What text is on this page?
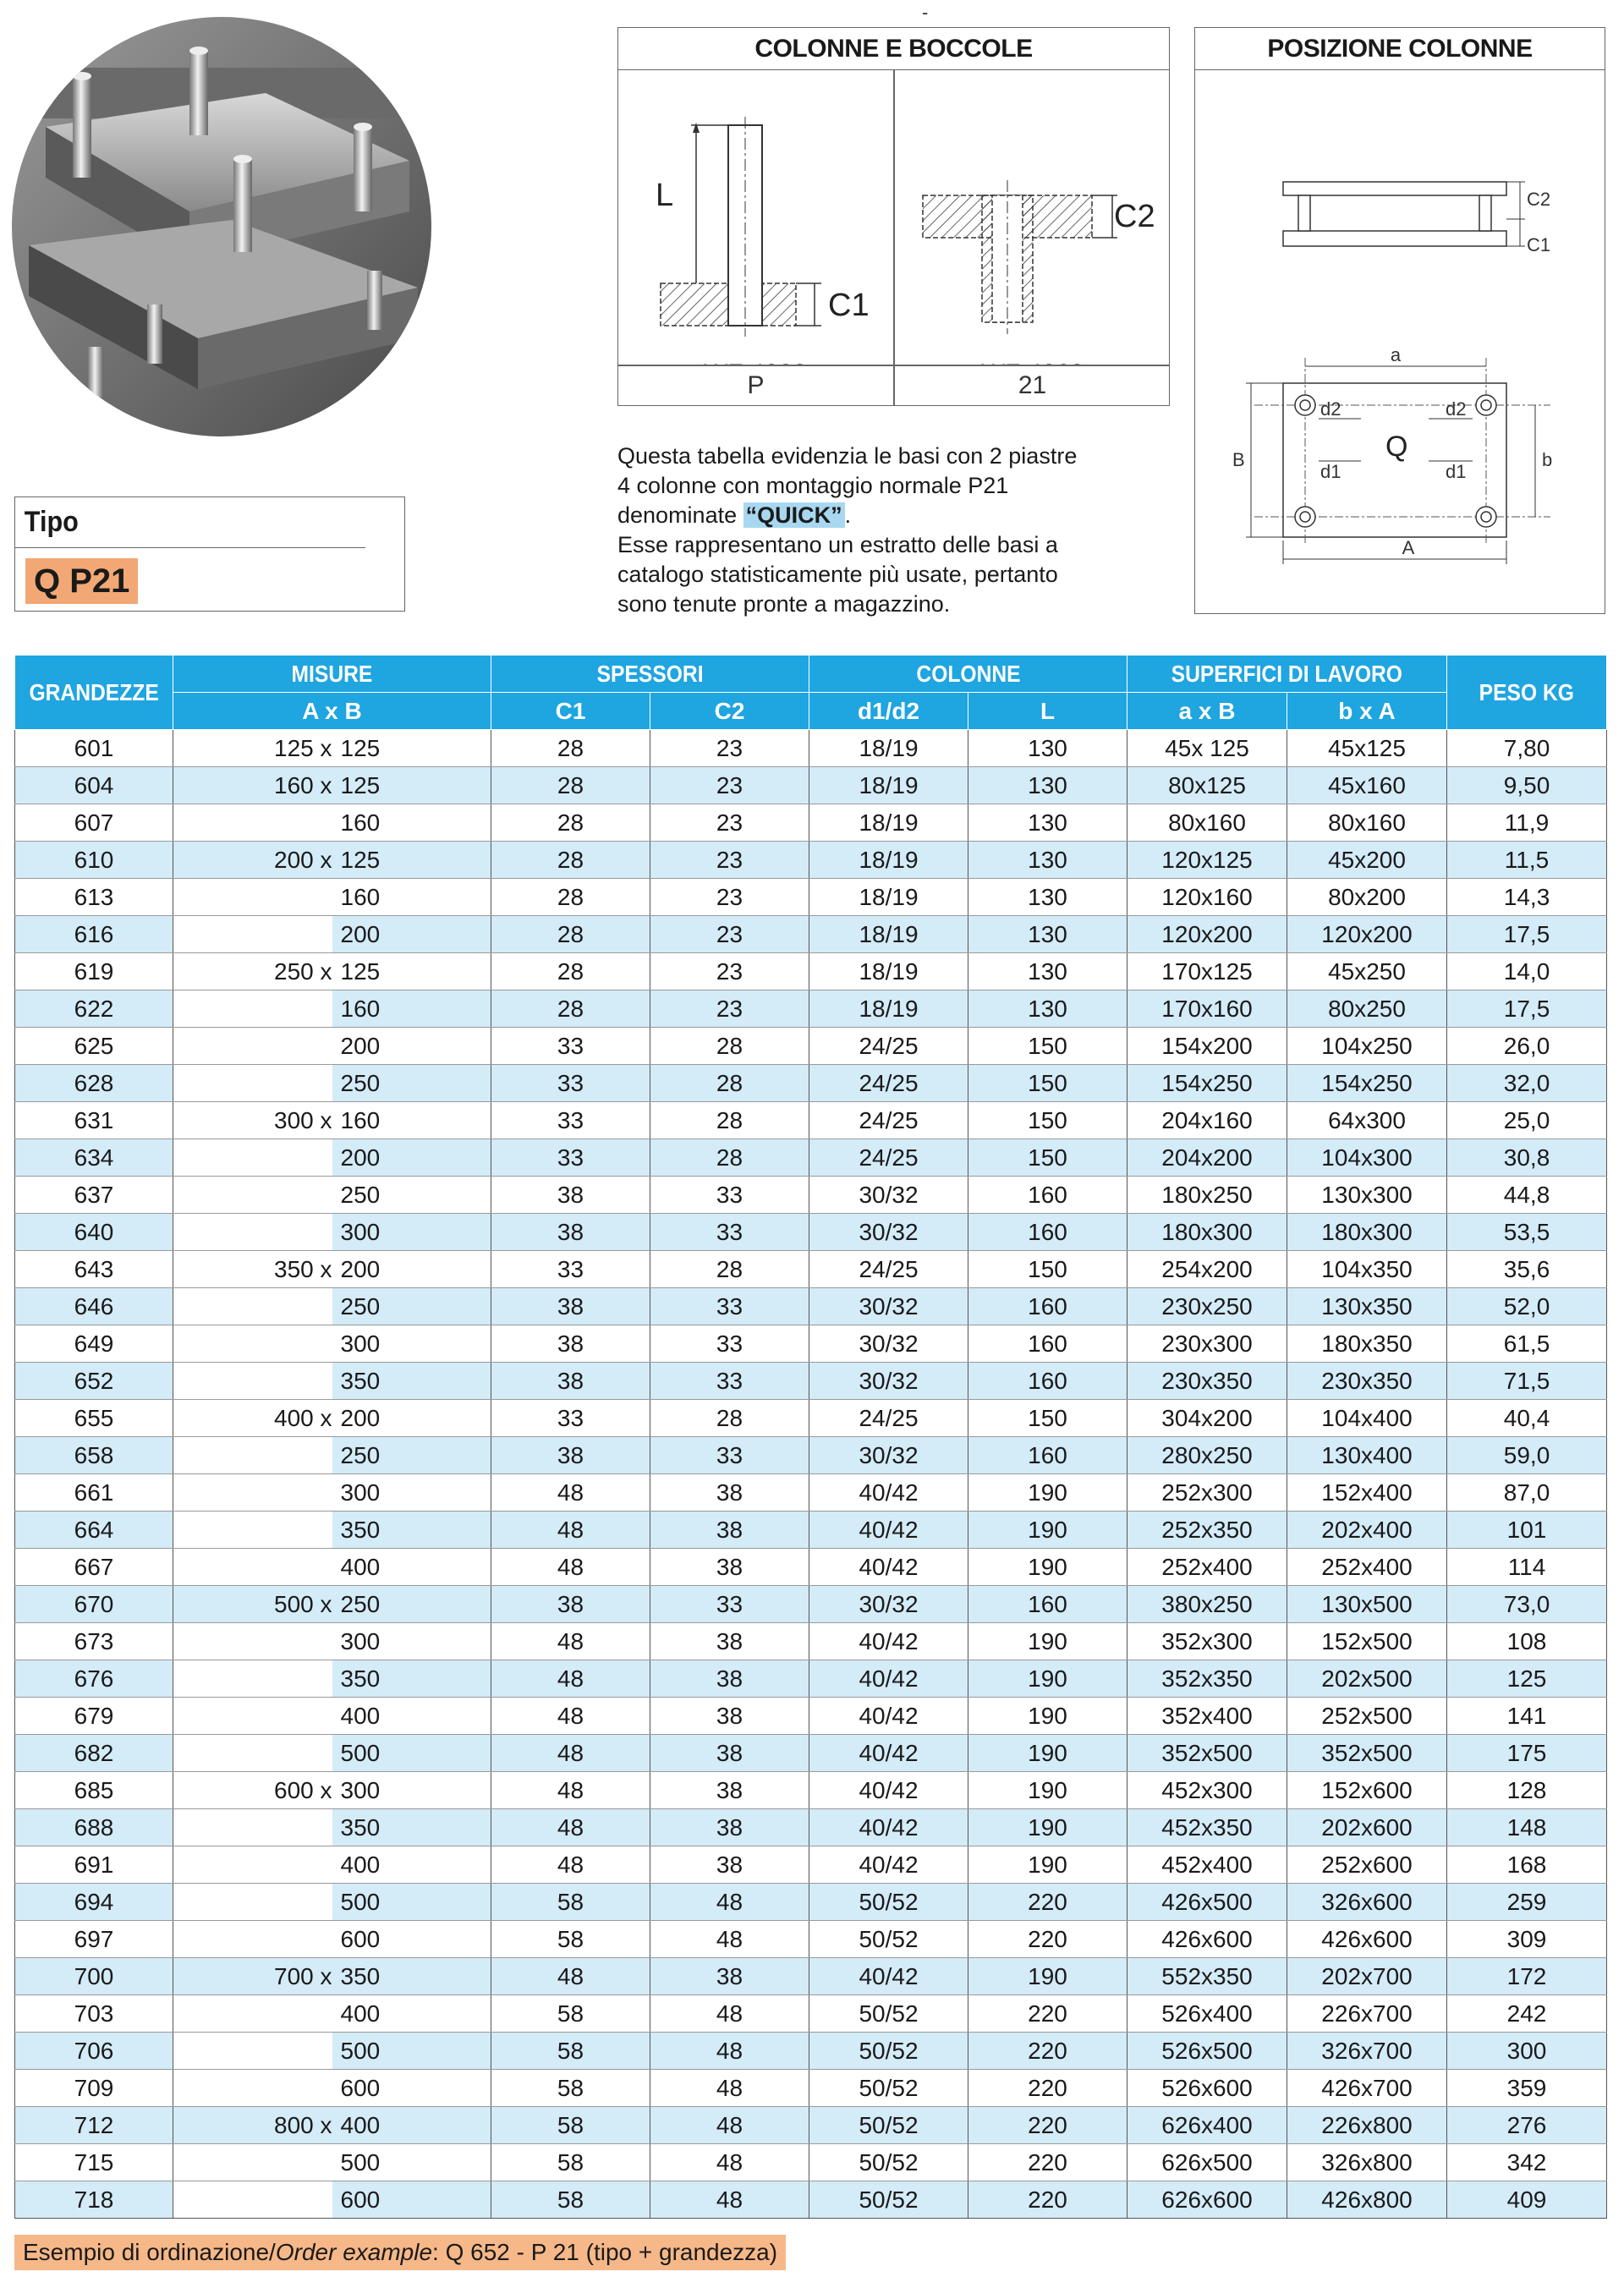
-
Tipo
Q P21
COLONNE E BOCCOLE
L
C1
C2
P	21
POSIZIONE COLONNE
C2
C1
a
A
B	b
Q
d2	d2
d1	d1
Questa tabella evidenzia le basi con 2 piastre
4 colonne con montaggio normale P21
denominate “QUICK” .
Esse rappresentano un estratto delle basi a
catalogo statisticamente più usate, pertanto
sono tenute pronte a magazzino.
GRANDEZZE	MISURE		SPESSORI		COLONNE		SUPERFICI DI LAVORO		PESO KG
	A x B		C1	C2	d1/d2	L	a x B	b x A	
601	125 x	125	28	23	18/19	130	45x 125	45x125	7,80
604	160 x	125	28	23	18/19	130	80x125	45x160	9,50
607		160	28	23	18/19	130	80x160	80x160	11,9
610	200 x	125	28	23	18/19	130	120x125	45x200	11,5
613		160	28	23	18/19	130	120x160	80x200	14,3
616		200	28	23	18/19	130	120x200	120x200	17,5
619	250 x	125	28	23	18/19	130	170x125	45x250	14,0
622		160	28	23	18/19	130	170x160	80x250	17,5
625		200	33	28	24/25	150	154x200	104x250	26,0
628		250	33	28	24/25	150	154x250	154x250	32,0
631	300 x	160	33	28	24/25	150	204x160	64x300	25,0
634		200	33	28	24/25	150	204x200	104x300	30,8
637		250	38	33	30/32	160	180x250	130x300	44,8
640		300	38	33	30/32	160	180x300	180x300	53,5
643	350 x	200	33	28	24/25	150	254x200	104x350	35,6
646		250	38	33	30/32	160	230x250	130x350	52,0
649		300	38	33	30/32	160	230x300	180x350	61,5
652		350	38	33	30/32	160	230x350	230x350	71,5
655	400 x	200	33	28	24/25	150	304x200	104x400	40,4
658		250	38	33	30/32	160	280x250	130x400	59,0
661		300	48	38	40/42	190	252x300	152x400	87,0
664		350	48	38	40/42	190	252x350	202x400	101
667		400	48	38	40/42	190	252x400	252x400	114
670	500 x	250	38	33	30/32	160	380x250	130x500	73,0
673		300	48	38	40/42	190	352x300	152x500	108
676		350	48	38	40/42	190	352x350	202x500	125
679		400	48	38	40/42	190	352x400	252x500	141
682		500	48	38	40/42	190	352x500	352x500	175
685	600 x	300	48	38	40/42	190	452x300	152x600	128
688		350	48	38	40/42	190	452x350	202x600	148
691		400	48	38	40/42	190	452x400	252x600	168
694		500	58	48	50/52	220	426x500	326x600	259
697		600	58	48	50/52	220	426x600	426x600	309
700	700 x	350	48	38	40/42	190	552x350	202x700	172
703		400	58	48	50/52	220	526x400	226x700	242
706		500	58	48	50/52	220	526x500	326x700	300
709		600	58	48	50/52	220	526x600	426x700	359
712	800 x	400	58	48	50/52	220	626x400	226x800	276
715		500	58	48	50/52	220	626x500	326x800	342
718		600	58	48	50/52	220	626x600	426x800	409
Esempio di ordinazione/Order example: Q 652 - P 21 (tipo + grandezza)
